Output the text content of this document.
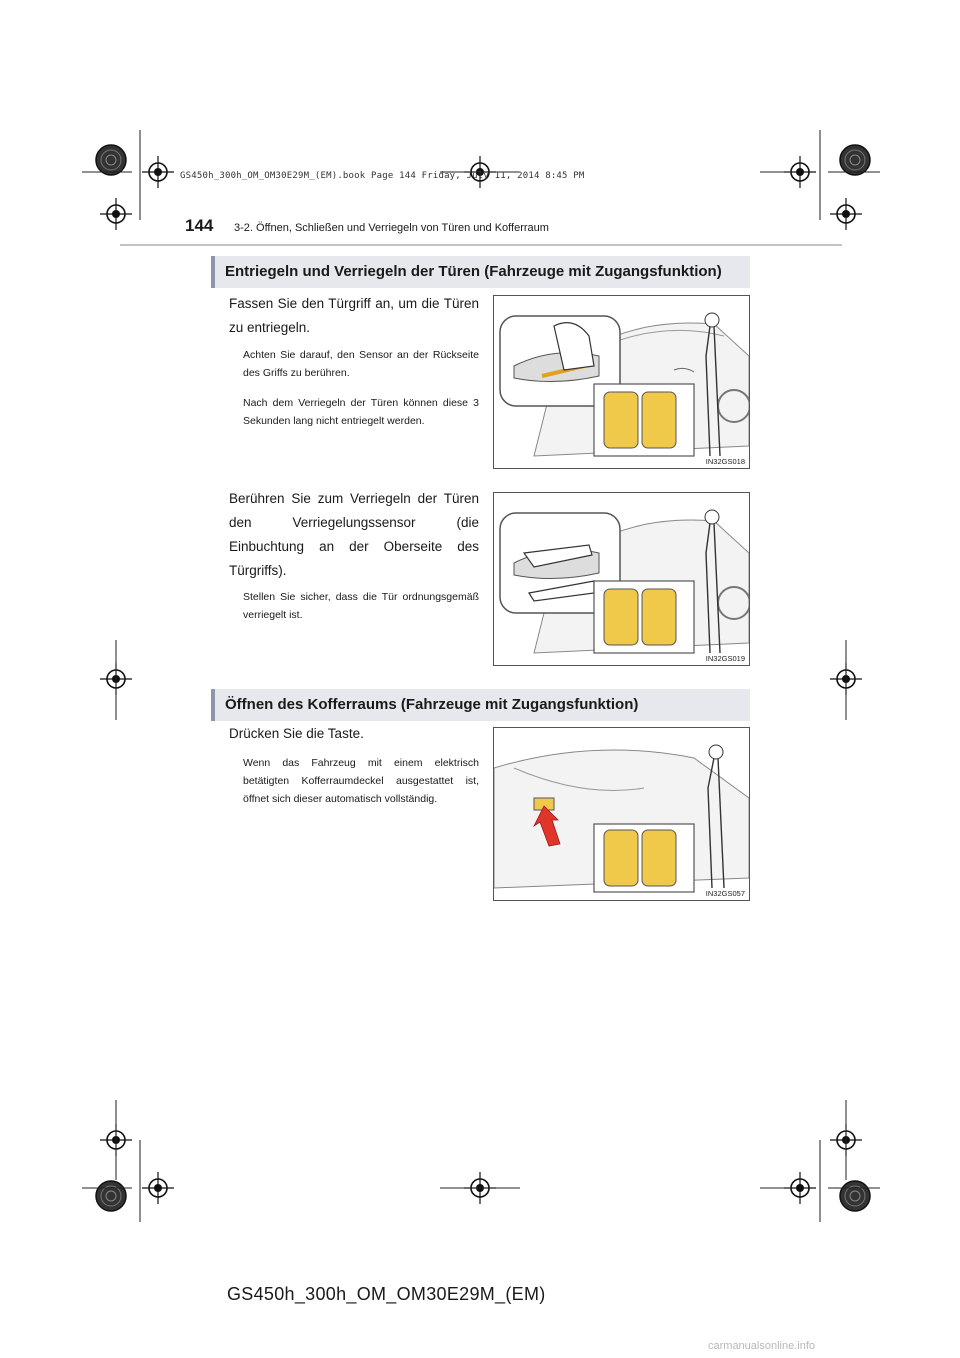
GS450h_300h_OM_OM30E29M_(EM).book Page 144 Friday, July 11, 2014 8:45 PM
144 3-2. Öffnen, Schließen und Verriegeln von Türen und Kofferraum
Entriegeln und Verriegeln der Türen (Fahrzeuge mit Zugangsfunktion)
Fassen Sie den Türgriff an, um die Türen zu entriegeln.
Achten Sie darauf, den Sensor an der Rückseite des Griffs zu berühren.
Nach dem Verriegeln der Türen können diese 3 Sekunden lang nicht entriegelt werden.
IN32GS018
Berühren Sie zum Verriegeln der Türen den Verriegelungssensor (die Einbuchtung an der Oberseite des Türgriffs).
Stellen Sie sicher, dass die Tür ordnungsgemäß verriegelt ist.
IN32GS019
Öffnen des Kofferraums (Fahrzeuge mit Zugangsfunktion)
Drücken Sie die Taste.
Wenn das Fahrzeug mit einem elektrisch betätigten Kofferraumdeckel ausgestattet ist, öffnet sich dieser automatisch vollständig.
IN32GS057
GS450h_300h_OM_OM30E29M_(EM)
carmanualsonline.info
